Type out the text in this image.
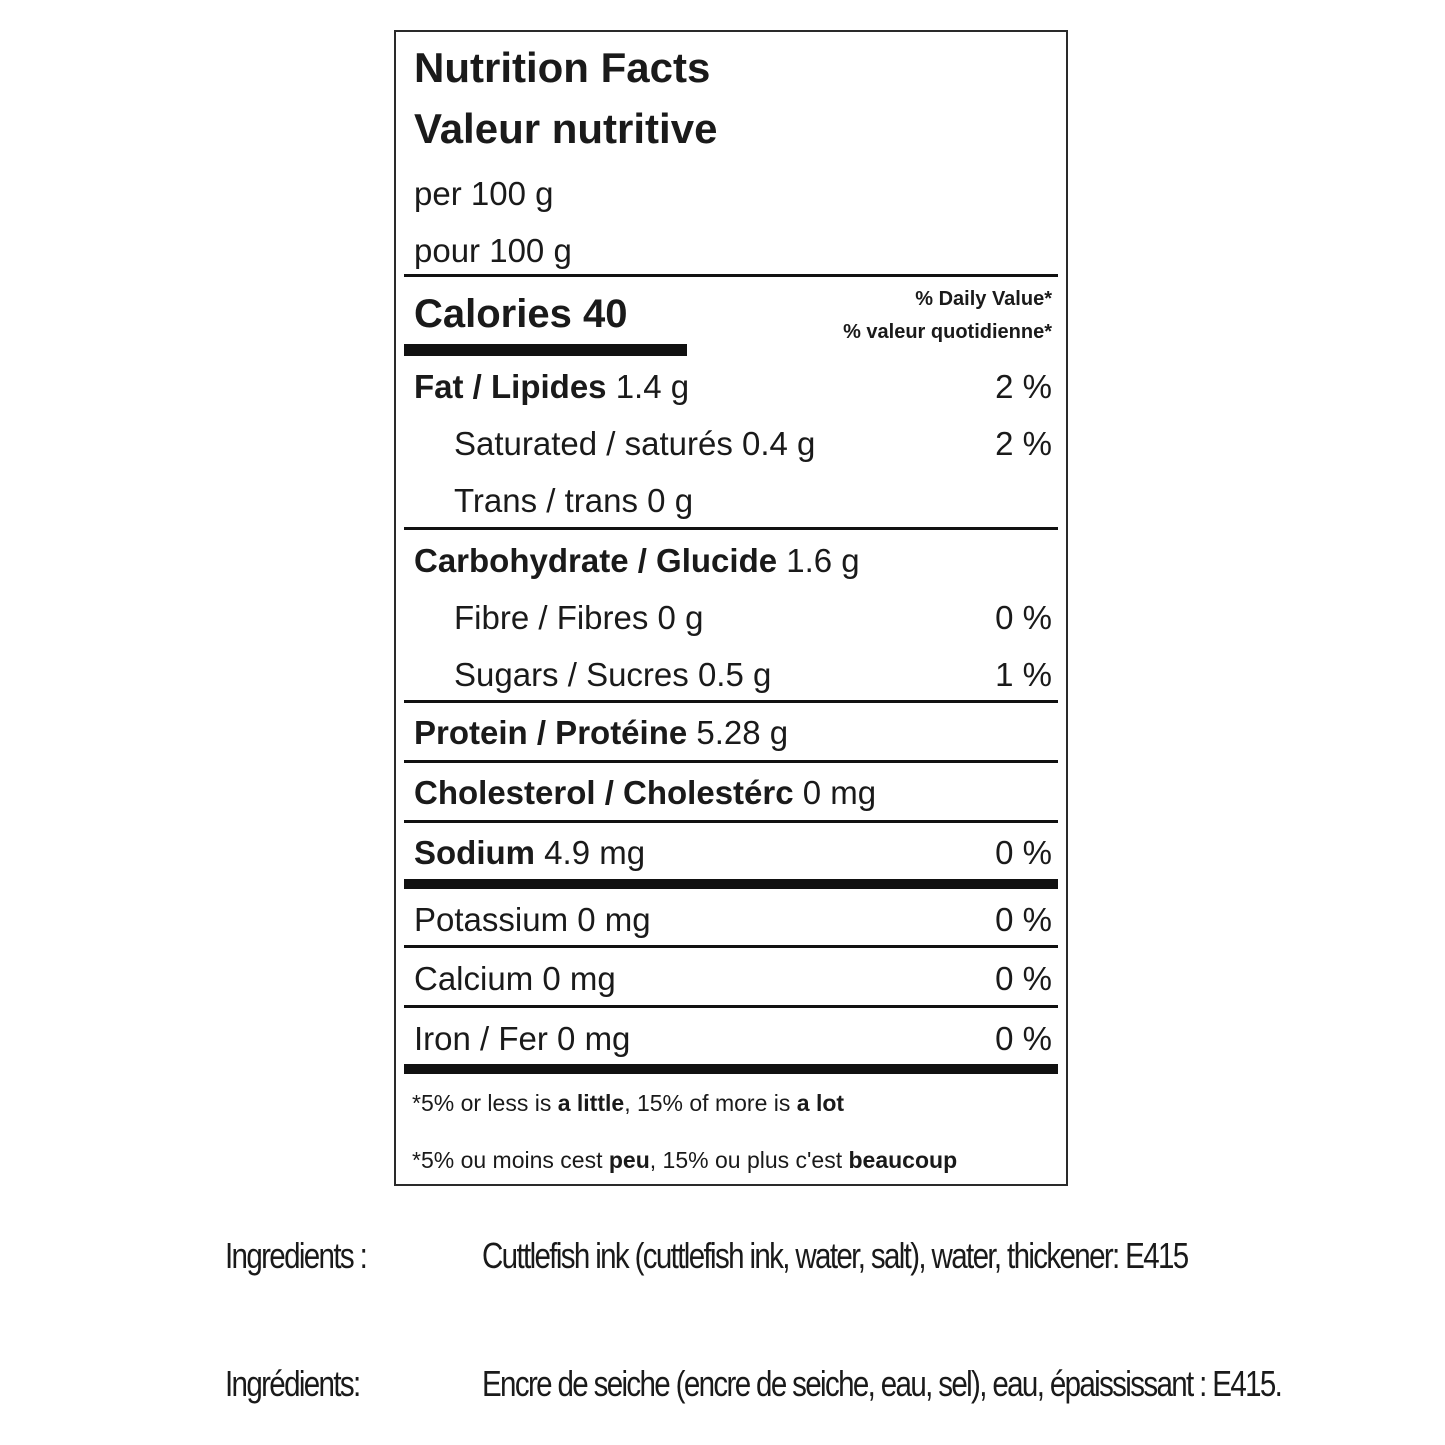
Nutrition Facts
Valeur nutritive
per 100 g
pour 100 g
Calories 40	% Daily Value*
% valeur quotidienne*
Fat / Lipides 1.4 g	2 %
Saturated / saturés 0.4 g	2 %
Trans / trans 0 g
Carbohydrate / Glucide 1.6 g
Fibre / Fibres 0 g	0 %
Sugars / Sucres 0.5 g	1 %
Protein / Protéine 5.28 g
Cholesterol / Cholestérc 0 mg
Sodium 4.9 mg	0 %
Potassium 0 mg	0 %
Calcium 0 mg	0 %
Iron / Fer 0 mg	0 %
*5% or less is a little, 15% of more is a lot
*5% ou moins cest peu, 15% ou plus c'est beaucoup
Ingredients :	Cuttlefish ink (cuttlefish ink, water, salt), water, thickener: E415
Ingrédients:	Encre de seiche (encre de seiche, eau, sel), eau, épaississant : E415.
